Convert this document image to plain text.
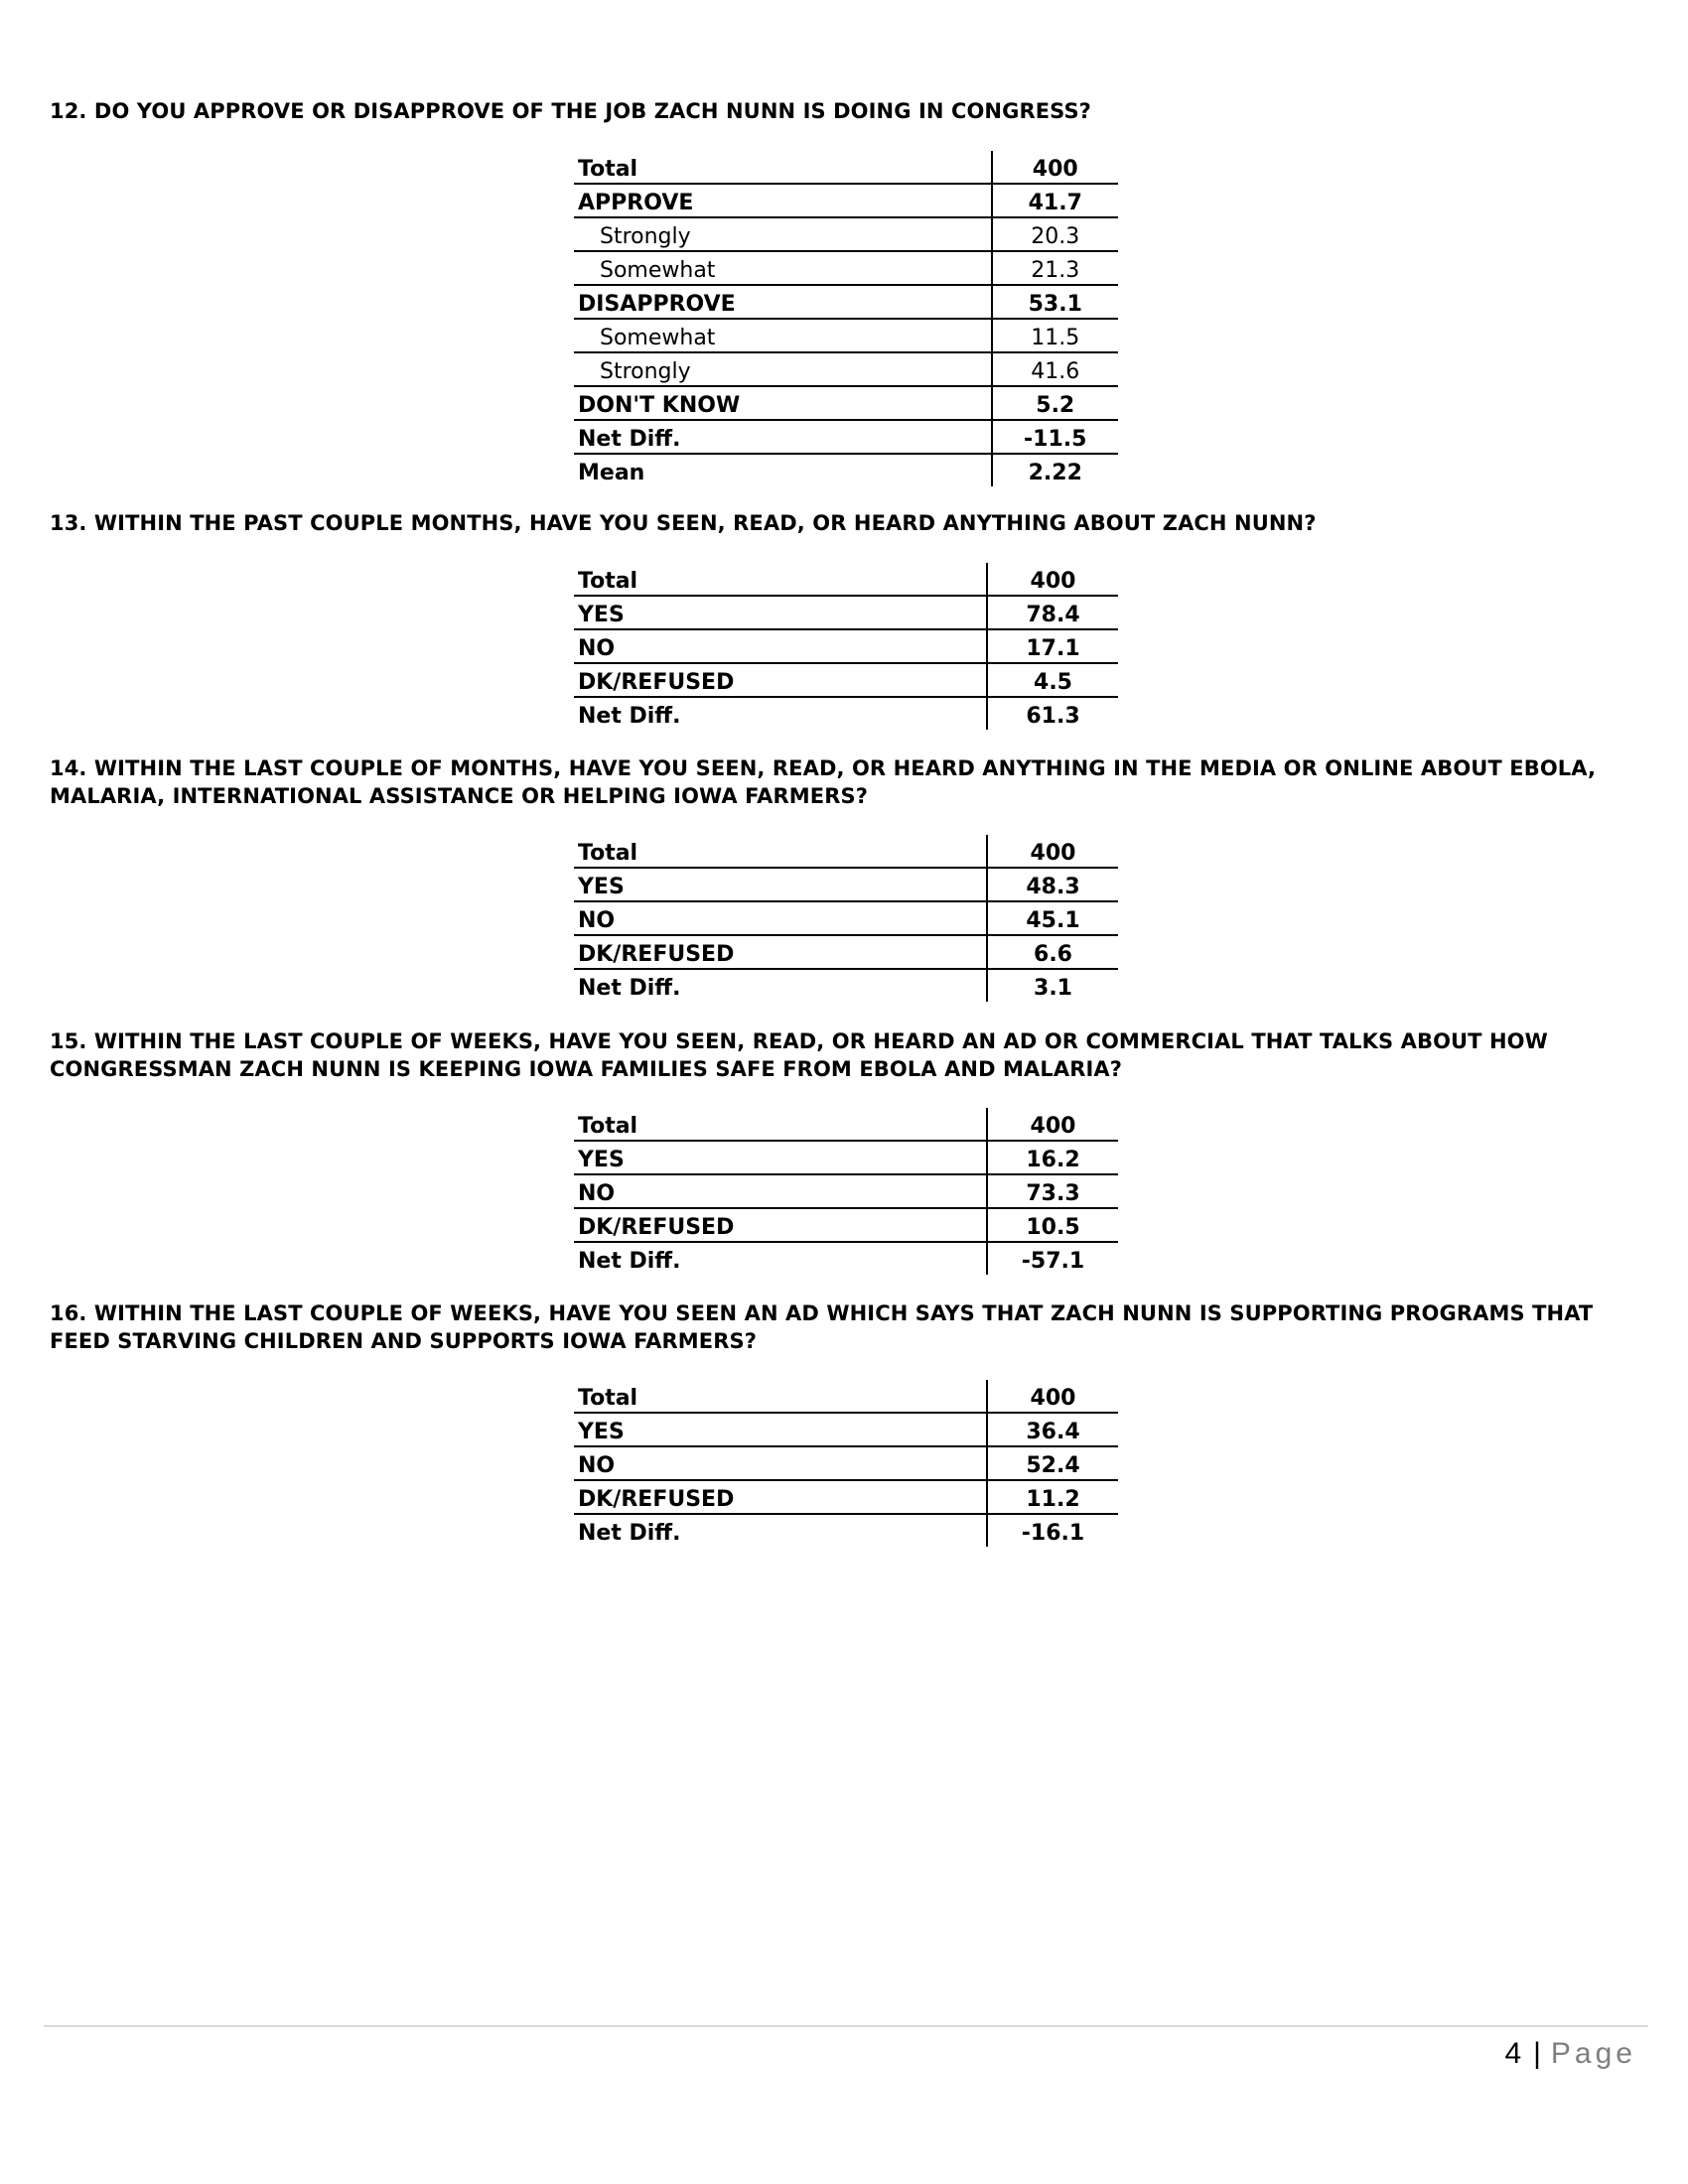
12. DO YOU APPROVE OR DISAPPROVE OF THE JOB ZACH NUNN IS DOING IN CONGRESS?

Total	400
APPROVE	41.7
Strongly	20.3
Somewhat	21.3
DISAPPROVE	53.1
Somewhat	11.5
Strongly	41.6
DON'T KNOW	5.2
Net Diff.	-11.5
Mean	2.22

13. WITHIN THE PAST COUPLE MONTHS, HAVE YOU SEEN, READ, OR HEARD ANYTHING ABOUT ZACH NUNN?

Total	400
YES	78.4
NO	17.1
DK/REFUSED	4.5
Net Diff.	61.3

14. WITHIN THE LAST COUPLE OF MONTHS, HAVE YOU SEEN, READ, OR HEARD ANYTHING IN THE MEDIA OR ONLINE ABOUT EBOLA, MALARIA, INTERNATIONAL ASSISTANCE OR HELPING IOWA FARMERS?

Total	400
YES	48.3
NO	45.1
DK/REFUSED	6.6
Net Diff.	3.1

15. WITHIN THE LAST COUPLE OF WEEKS, HAVE YOU SEEN, READ, OR HEARD AN AD OR COMMERCIAL THAT TALKS ABOUT HOW CONGRESSMAN ZACH NUNN IS KEEPING IOWA FAMILIES SAFE FROM EBOLA AND MALARIA?

Total	400
YES	16.2
NO	73.3
DK/REFUSED	10.5
Net Diff.	-57.1

16. WITHIN THE LAST COUPLE OF WEEKS, HAVE YOU SEEN AN AD WHICH SAYS THAT ZACH NUNN IS SUPPORTING PROGRAMS THAT FEED STARVING CHILDREN AND SUPPORTS IOWA FARMERS?

Total	400
YES	36.4
NO	52.4
DK/REFUSED	11.2
Net Diff.	-16.1
4 | Page
